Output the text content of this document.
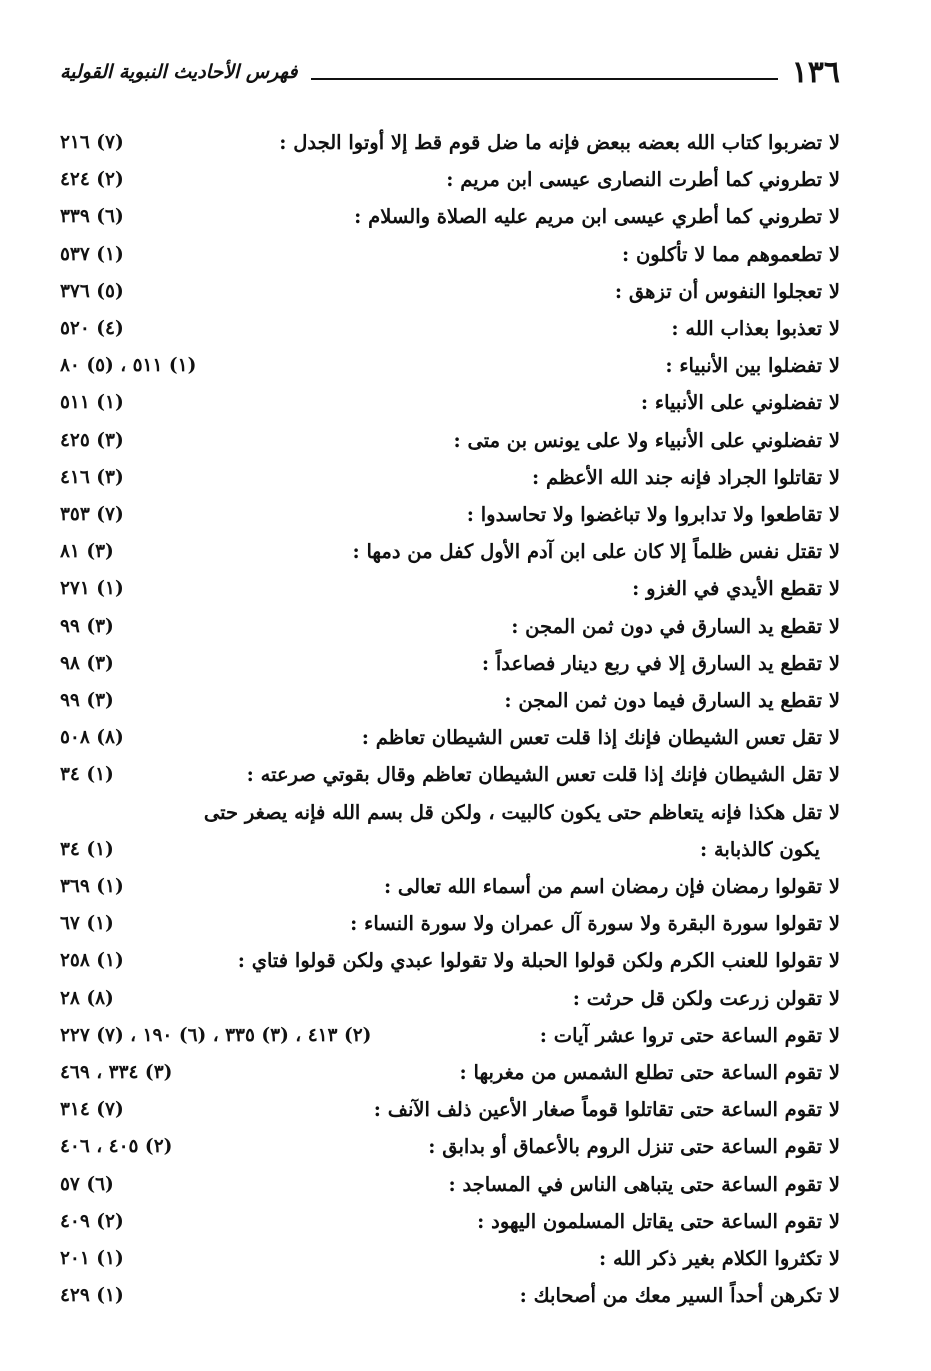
١٣٦
فهرس الأحاديث النبوية القولية
لا تضربوا كتاب الله بعضه ببعض فإنه ما ضل قوم قط إلا أوتوا الجدل :
(٧) ٢١٦
لا تطروني كما أطرت النصارى عيسى ابن مريم :
(٢) ٤٢٤
لا تطروني كما أطري عيسى ابن مريم عليه الصلاة والسلام :
(٦) ٣٣٩
لا تطعموهم مما لا تأكلون :
(١) ٥٣٧
لا تعجلوا النفوس أن تزهق :
(٥) ٣٧٦
لا تعذبوا بعذاب الله :
(٤) ٥٢٠
لا تفضلوا بين الأنبياء :
(١) ٥١١ ، (٥) ٨٠
لا تفضلوني على الأنبياء :
(١) ٥١١
لا تفضلوني على الأنبياء ولا على يونس بن متى :
(٣) ٤٢٥
لا تقاتلوا الجراد فإنه جند الله الأعظم :
(٣) ٤١٦
لا تقاطعوا ولا تدابروا ولا تباغضوا ولا تحاسدوا :
(٧) ٣٥٣
لا تقتل نفس ظلماً إلا كان على ابن آدم الأول كفل من دمها :
(٣) ٨١
لا تقطع الأيدي في الغزو :
(١) ٢٧١
لا تقطع يد السارق في دون ثمن المجن :
(٣) ٩٩
لا تقطع يد السارق إلا في ربع دينار فصاعداً :
(٣) ٩٨
لا تقطع يد السارق فيما دون ثمن المجن :
(٣) ٩٩
لا تقل تعس الشيطان فإنك إذا قلت تعس الشيطان تعاظم :
(٨) ٥٠٨
لا تقل الشيطان فإنك إذا قلت تعس الشيطان تعاظم وقال بقوتي صرعته :
(١) ٣٤
لا تقل هكذا فإنه يتعاظم حتى يكون كالبيت ، ولكن قل بسم الله فإنه يصغر حتى
يكون كالذبابة :
(١) ٣٤
لا تقولوا رمضان فإن رمضان اسم من أسماء الله تعالى :
(١) ٣٦٩
لا تقولوا سورة البقرة ولا سورة آل عمران ولا سورة النساء :
(١) ٦٧
لا تقولوا للعنب الكرم ولكن قولوا الحبلة ولا تقولوا عبدي ولكن قولوا فتاي :
(١) ٢٥٨
لا تقولن زرعت ولكن قل حرثت :
(٨) ٢٨
لا تقوم الساعة حتى تروا عشر آيات :
(٢) ٤١٣ ، (٣) ٣٣٥ ، (٦) ١٩٠ ، (٧) ٢٢٧
لا تقوم الساعة حتى تطلع الشمس من مغربها :
(٣) ٣٣٤ ، ٤٦٩
لا تقوم الساعة حتى تقاتلوا قوماً صغار الأعين ذلف الآنف :
(٧) ٣١٤
لا تقوم الساعة حتى تنزل الروم بالأعماق أو بدابق :
(٢) ٤٠٥ ، ٤٠٦
لا تقوم الساعة حتى يتباهى الناس في المساجد :
(٦) ٥٧
لا تقوم الساعة حتى يقاتل المسلمون اليهود :
(٢) ٤٠٩
لا تكثروا الكلام بغير ذكر الله :
(١) ٢٠١
لا تكرهن أحداً السير معك من أصحابك :
(١) ٤٢٩
